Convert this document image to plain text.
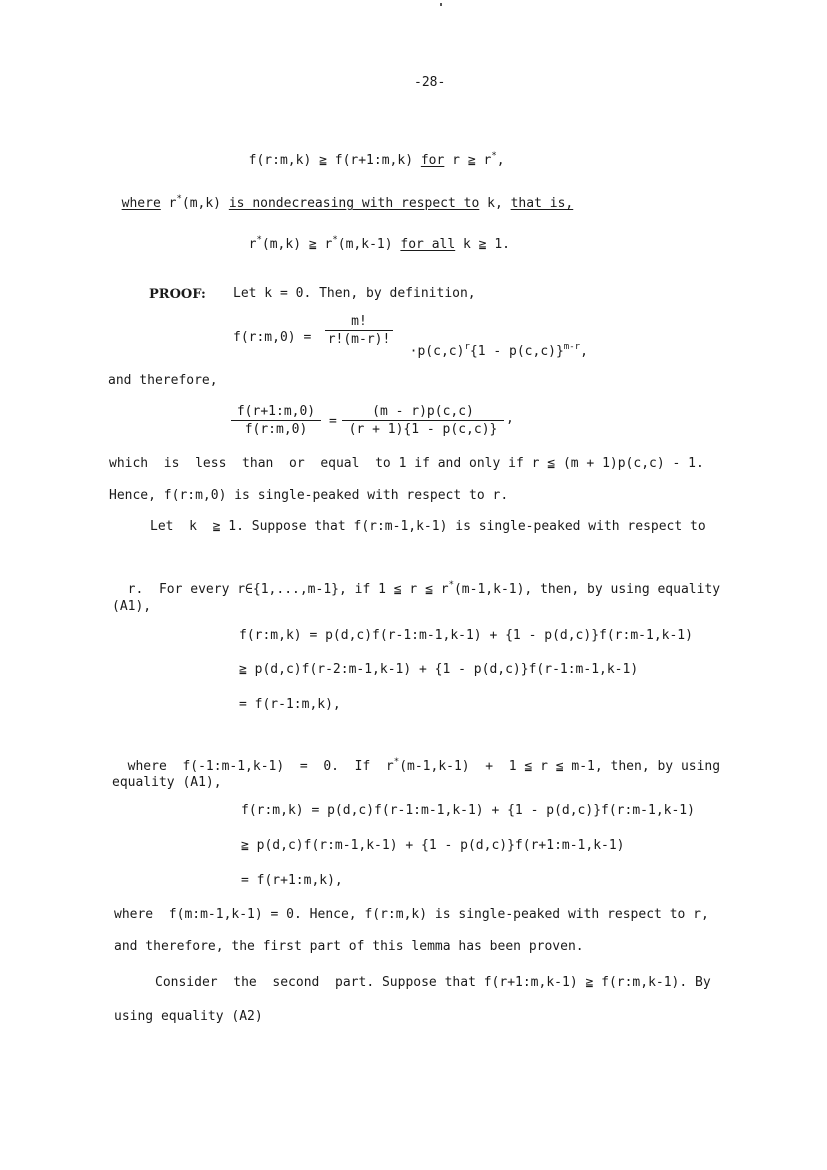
-28-

f(r:m,k) ≧ f(r+1:m,k) for r ≧ r*,

where r*(m,k) is nondecreasing with respect to k, that is,

r*(m,k) ≧ r*(m,k-1) for all k ≧ 1.

PROOF: Let k = 0. Then, by definition,
f(r:m,0) = $\frac{m!}{r!(m-r)!}$

$\cdot p(c,c)^r\{1 - p(c,c)\}^{m-r}$,

and therefore,
$\frac{f(r+1:m,0)}{f(r:m,0)} = \frac{(m - r)p(c,c)}{(r + 1)\{1 - p(c,c)\}}$ ,
which  is  less  than  or  equal  to 1 if and only if r ≦ (m + 1)p(c,c) - 1.
Hence, f(r:m,0) is single-peaked with respect to r.
Let  k  ≧ 1. Suppose that f(r:m-1,k-1) is single-peaked with respect to

r.  For every r∈{1,...,m-1}, if 1 ≦ r ≦ r*(m-1,k-1), then, by using equality

(A1),
f(r:m,k) = p(d,c)f(r-1:m-1,k-1) + {1 - p(d,c)}f(r:m-1,k-1)
≧ p(d,c)f(r-2:m-1,k-1) + {1 - p(d,c)}f(r-1:m-1,k-1)
= f(r-1:m,k),

where  f(-1:m-1,k-1)  =  0.  If  r*(m-1,k-1)  +  1 ≦ r ≦ m-1, then, by using

equality (A1),
f(r:m,k) = p(d,c)f(r-1:m-1,k-1) + {1 - p(d,c)}f(r:m-1,k-1)
≧ p(d,c)f(r:m-1,k-1) + {1 - p(d,c)}f(r+1:m-1,k-1)
= f(r+1:m,k),
where  f(m:m-1,k-1) = 0. Hence, f(r:m,k) is single-peaked with respect to r,
and therefore, the first part of this lemma has been proven.
Consider  the  second  part. Suppose that f(r+1:m,k-1) ≧ f(r:m,k-1). By
using equality (A2)
